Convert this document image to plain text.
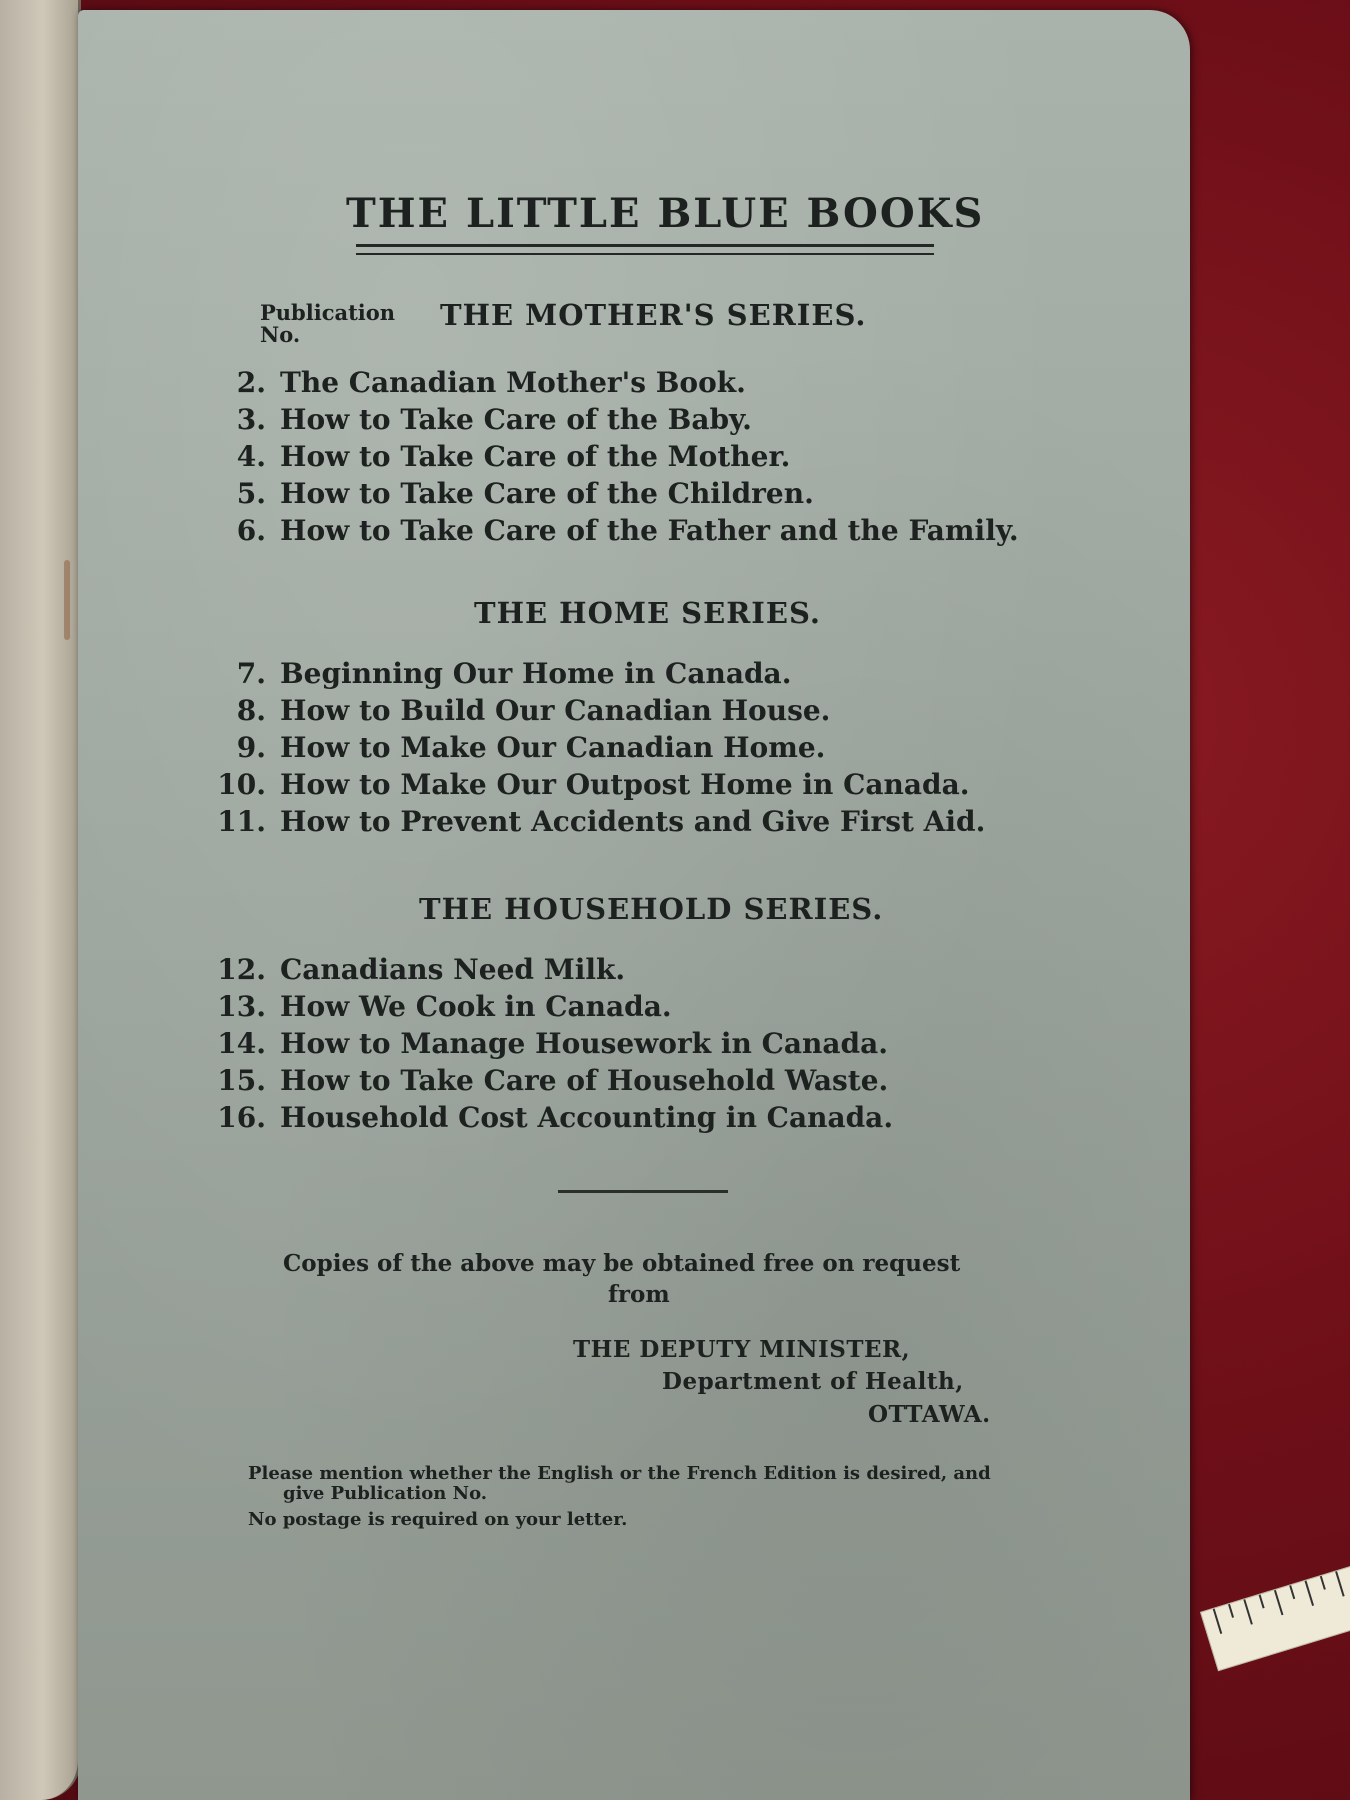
THE LITTLE BLUE BOOKS
Publication
No.
THE MOTHER'S SERIES.
2. The Canadian Mother's Book.
3. How to Take Care of the Baby.
4. How to Take Care of the Mother.
5. How to Take Care of the Children.
6. How to Take Care of the Father and the Family.
THE HOME SERIES.
7. Beginning Our Home in Canada.
8. How to Build Our Canadian House.
9. How to Make Our Canadian Home.
10. How to Make Our Outpost Home in Canada.
11. How to Prevent Accidents and Give First Aid.
THE HOUSEHOLD SERIES.
12. Canadians Need Milk.
13. How We Cook in Canada.
14. How to Manage Housework in Canada.
15. How to Take Care of Household Waste.
16. Household Cost Accounting in Canada.
Copies of the above may be obtained free on request
from
THE DEPUTY MINISTER,
Department of Health,
OTTAWA.
Please mention whether the English or the French Edition is desired, and
give Publication No.
No postage is required on your letter.
